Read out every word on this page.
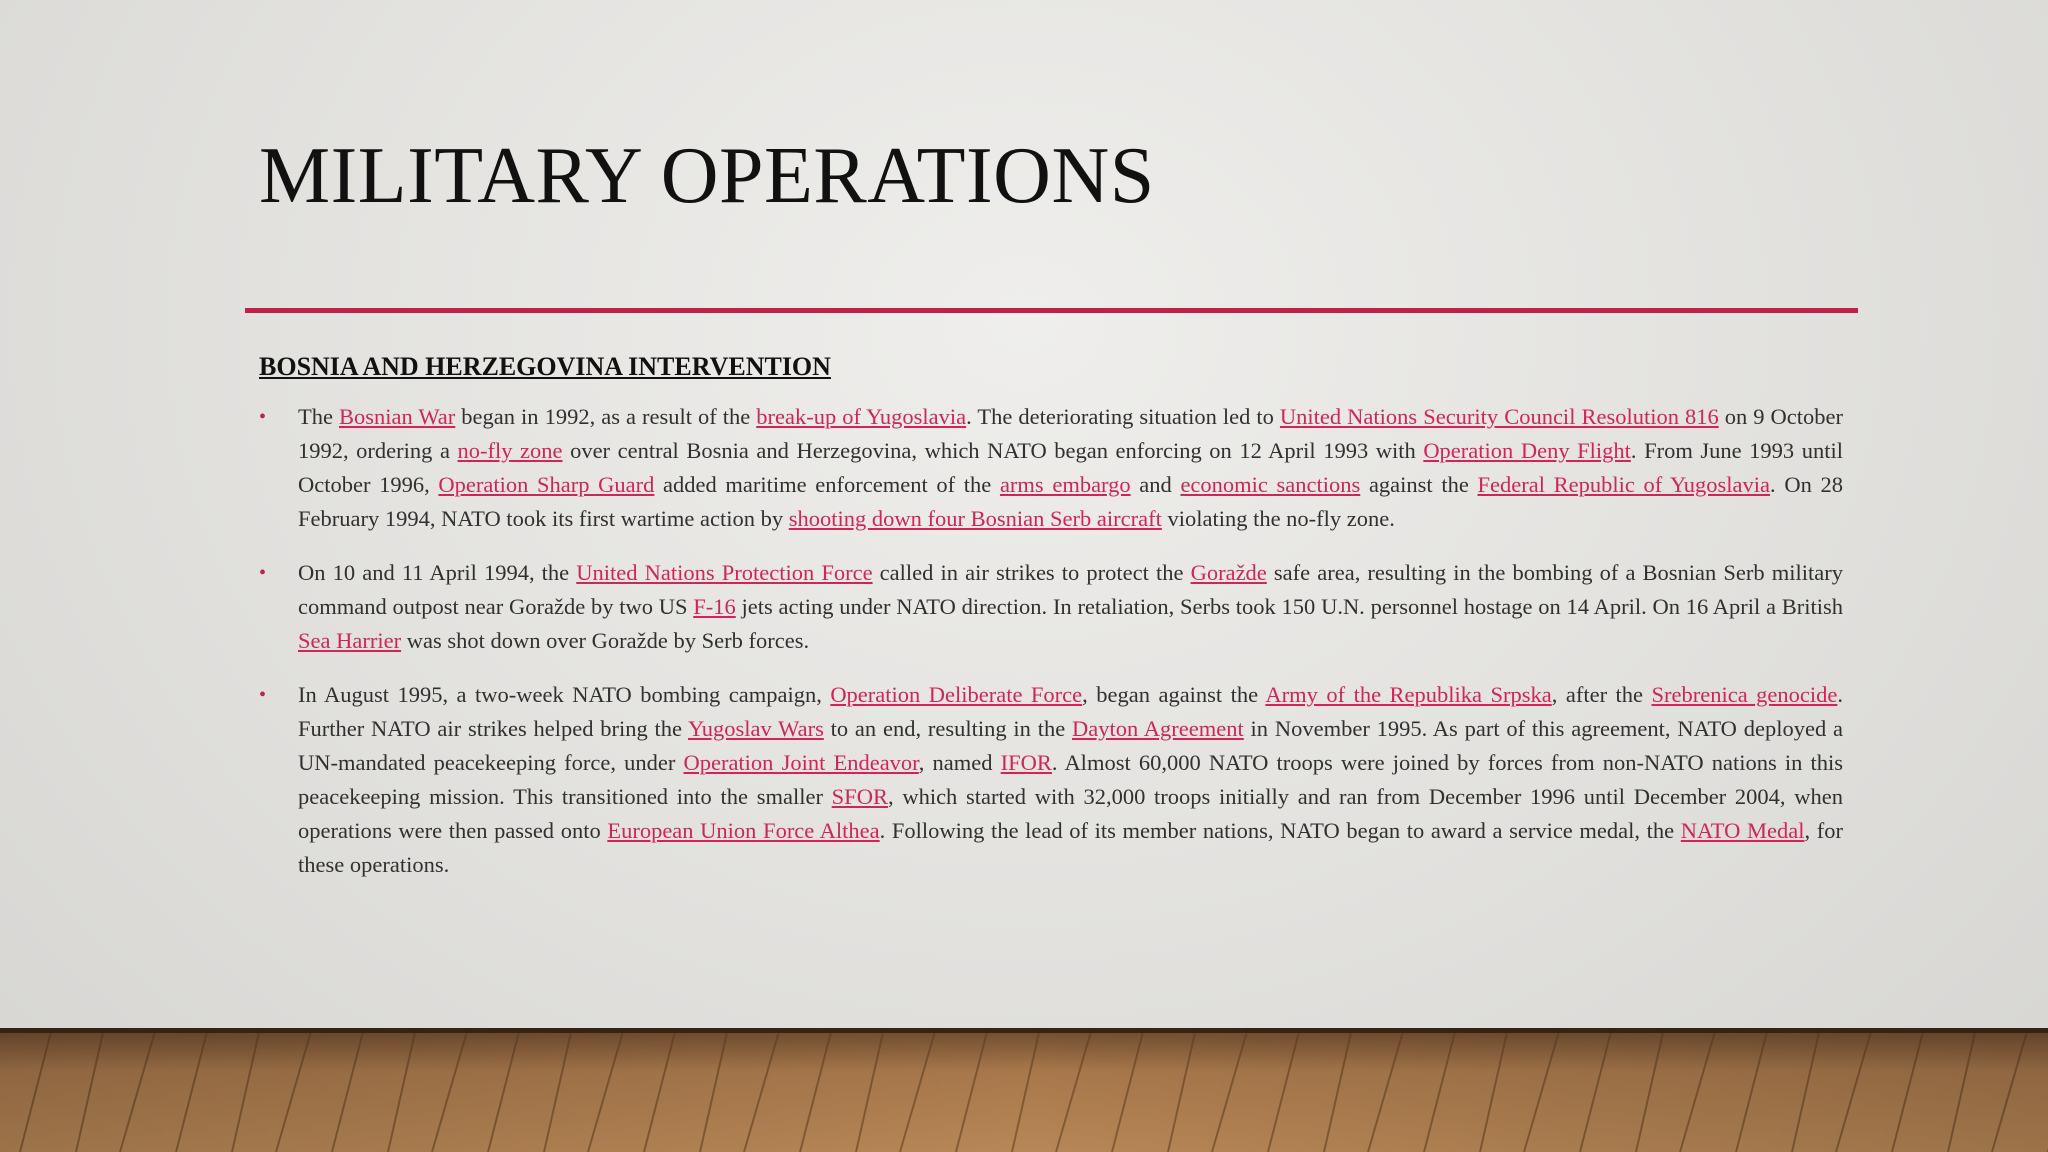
MILITARY OPERATIONS
BOSNIA AND HERZEGOVINA INTERVENTION
• The Bosnian War began in 1992, as a result of the break-up of Yugoslavia. The deteriorating situation led to United Nations Security Council Resolution 816 on 9 October 1992, ordering a no-fly zone over central Bosnia and Herzegovina, which NATO began enforcing on 12 April 1993 with Operation Deny Flight. From June 1993 until October 1996, Operation Sharp Guard added maritime enforcement of the arms embargo and economic sanctions against the Federal Republic of Yugoslavia. On 28 February 1994, NATO took its first wartime action by shooting down four Bosnian Serb aircraft violating the no-fly zone.
• On 10 and 11 April 1994, the United Nations Protection Force called in air strikes to protect the Goražde safe area, resulting in the bombing of a Bosnian Serb military command outpost near Goražde by two US F-16 jets acting under NATO direction. In retaliation, Serbs took 150 U.N. personnel hostage on 14 April. On 16 April a British Sea Harrier was shot down over Goražde by Serb forces.
• In August 1995, a two-week NATO bombing campaign, Operation Deliberate Force, began against the Army of the Republika Srpska, after the Srebrenica genocide. Further NATO air strikes helped bring the Yugoslav Wars to an end, resulting in the Dayton Agreement in November 1995. As part of this agreement, NATO deployed a UN-mandated peacekeeping force, under Operation Joint Endeavor, named IFOR. Almost 60,000 NATO troops were joined by forces from non-NATO nations in this peacekeeping mission. This transitioned into the smaller SFOR, which started with 32,000 troops initially and ran from December 1996 until December 2004, when operations were then passed onto European Union Force Althea. Following the lead of its member nations, NATO began to award a service medal, the NATO Medal, for these operations.
